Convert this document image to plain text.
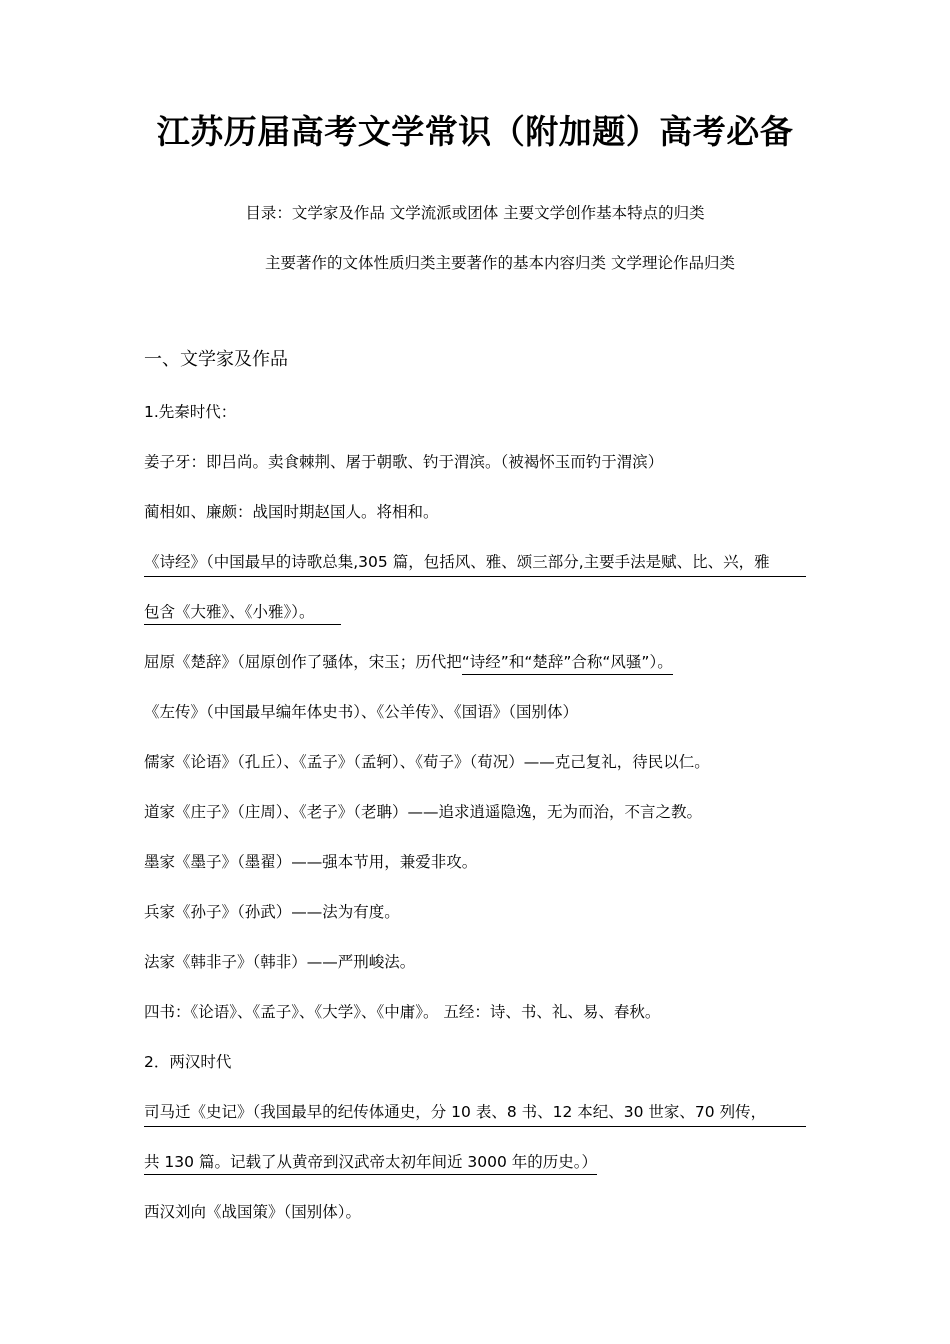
江苏历届高考文学常识（附加题）高考必备
目录：文学家及作品 文学流派或团体 主要文学创作基本特点的归类
主要著作的文体性质归类主要著作的基本内容归类 文学理论作品归类
一、文学家及作品
1.先秦时代：
姜子牙：即吕尚。卖食棘荆、屠于朝歌、钓于渭滨。（被褐怀玉而钓于渭滨）
蔺相如、廉颇：战国时期赵国人。将相和。
《诗经》（中国最早的诗歌总集,305 篇，包括风、雅、颂三部分,主要手法是赋、比、兴，雅
包含《大雅》、《小雅》）。
屈原《楚辞》（屈原创作了骚体，宋玉；历代把“诗经”和“楚辞”合称“风骚”）。
《左传》（中国最早编年体史书）、《公羊传》、《国语》（国别体）
儒家《论语》（孔丘）、《孟子》（孟轲）、《荀子》（荀况）——克己复礼，待民以仁。
道家《庄子》（庄周）、《老子》（老聃）——追求逍遥隐逸，无为而治，不言之教。
墨家《墨子》（墨翟）——强本节用，兼爱非攻。
兵家《孙子》（孙武）——法为有度。
法家《韩非子》（韩非）——严刑峻法。
四书：《论语》、《孟子》、《大学》、《中庸》。 五经：诗、书、礼、易、春秋。
2．两汉时代
司马迁《史记》（我国最早的纪传体通史，分 10 表、8 书、12 本纪、30 世家、70 列传，
共 130 篇。记载了从黄帝到汉武帝太初年间近 3000 年的历史。）
西汉刘向《战国策》（国别体）。
